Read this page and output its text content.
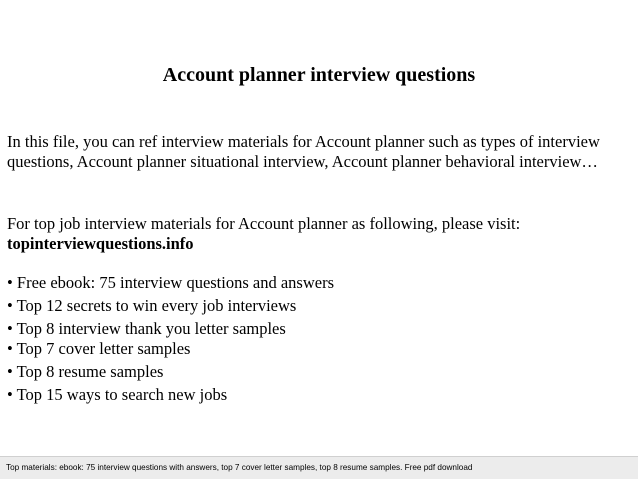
Account planner interview questions
In this file, you can ref interview materials for Account planner such as types of interview questions, Account planner situational interview, Account planner behavioral interview…
For top job interview materials for Account planner as following, please visit:
topinterviewquestions.info
• Free ebook: 75 interview questions and answers
• Top 12 secrets to win every job interviews
• Top 8 interview thank you letter samples
• Top 7 cover letter samples
• Top 8 resume samples
• Top 15 ways to search new jobs
Top materials: ebook: 75 interview questions with answers, top 7 cover letter samples, top 8 resume samples. Free pdf download
